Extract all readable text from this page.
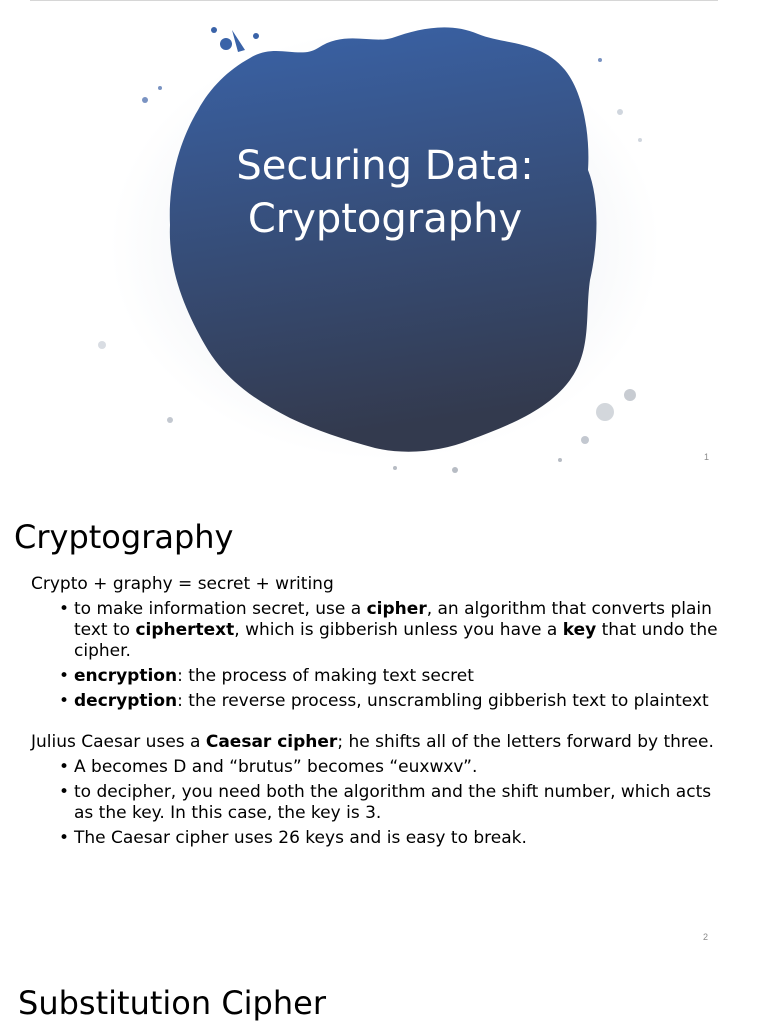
Securing Data:
Cryptography
1
Cryptography

Crypto + graphy = secret + writing

• to make information secret, use a cipher, an algorithm that converts plain text to ciphertext, which is gibberish unless you have a key that undo the cipher.
• encryption: the process of making text secret
• decryption: the reverse process, unscrambling gibberish text to plaintext

Julius Caesar uses a Caesar cipher; he shifts all of the letters forward by three.

• A becomes D and “brutus” becomes “euxwxv”.
• to decipher, you need both the algorithm and the shift number, which acts as the key. In this case, the key is 3.
• The Caesar cipher uses 26 keys and is easy to break.
2
Substitution Cipher
